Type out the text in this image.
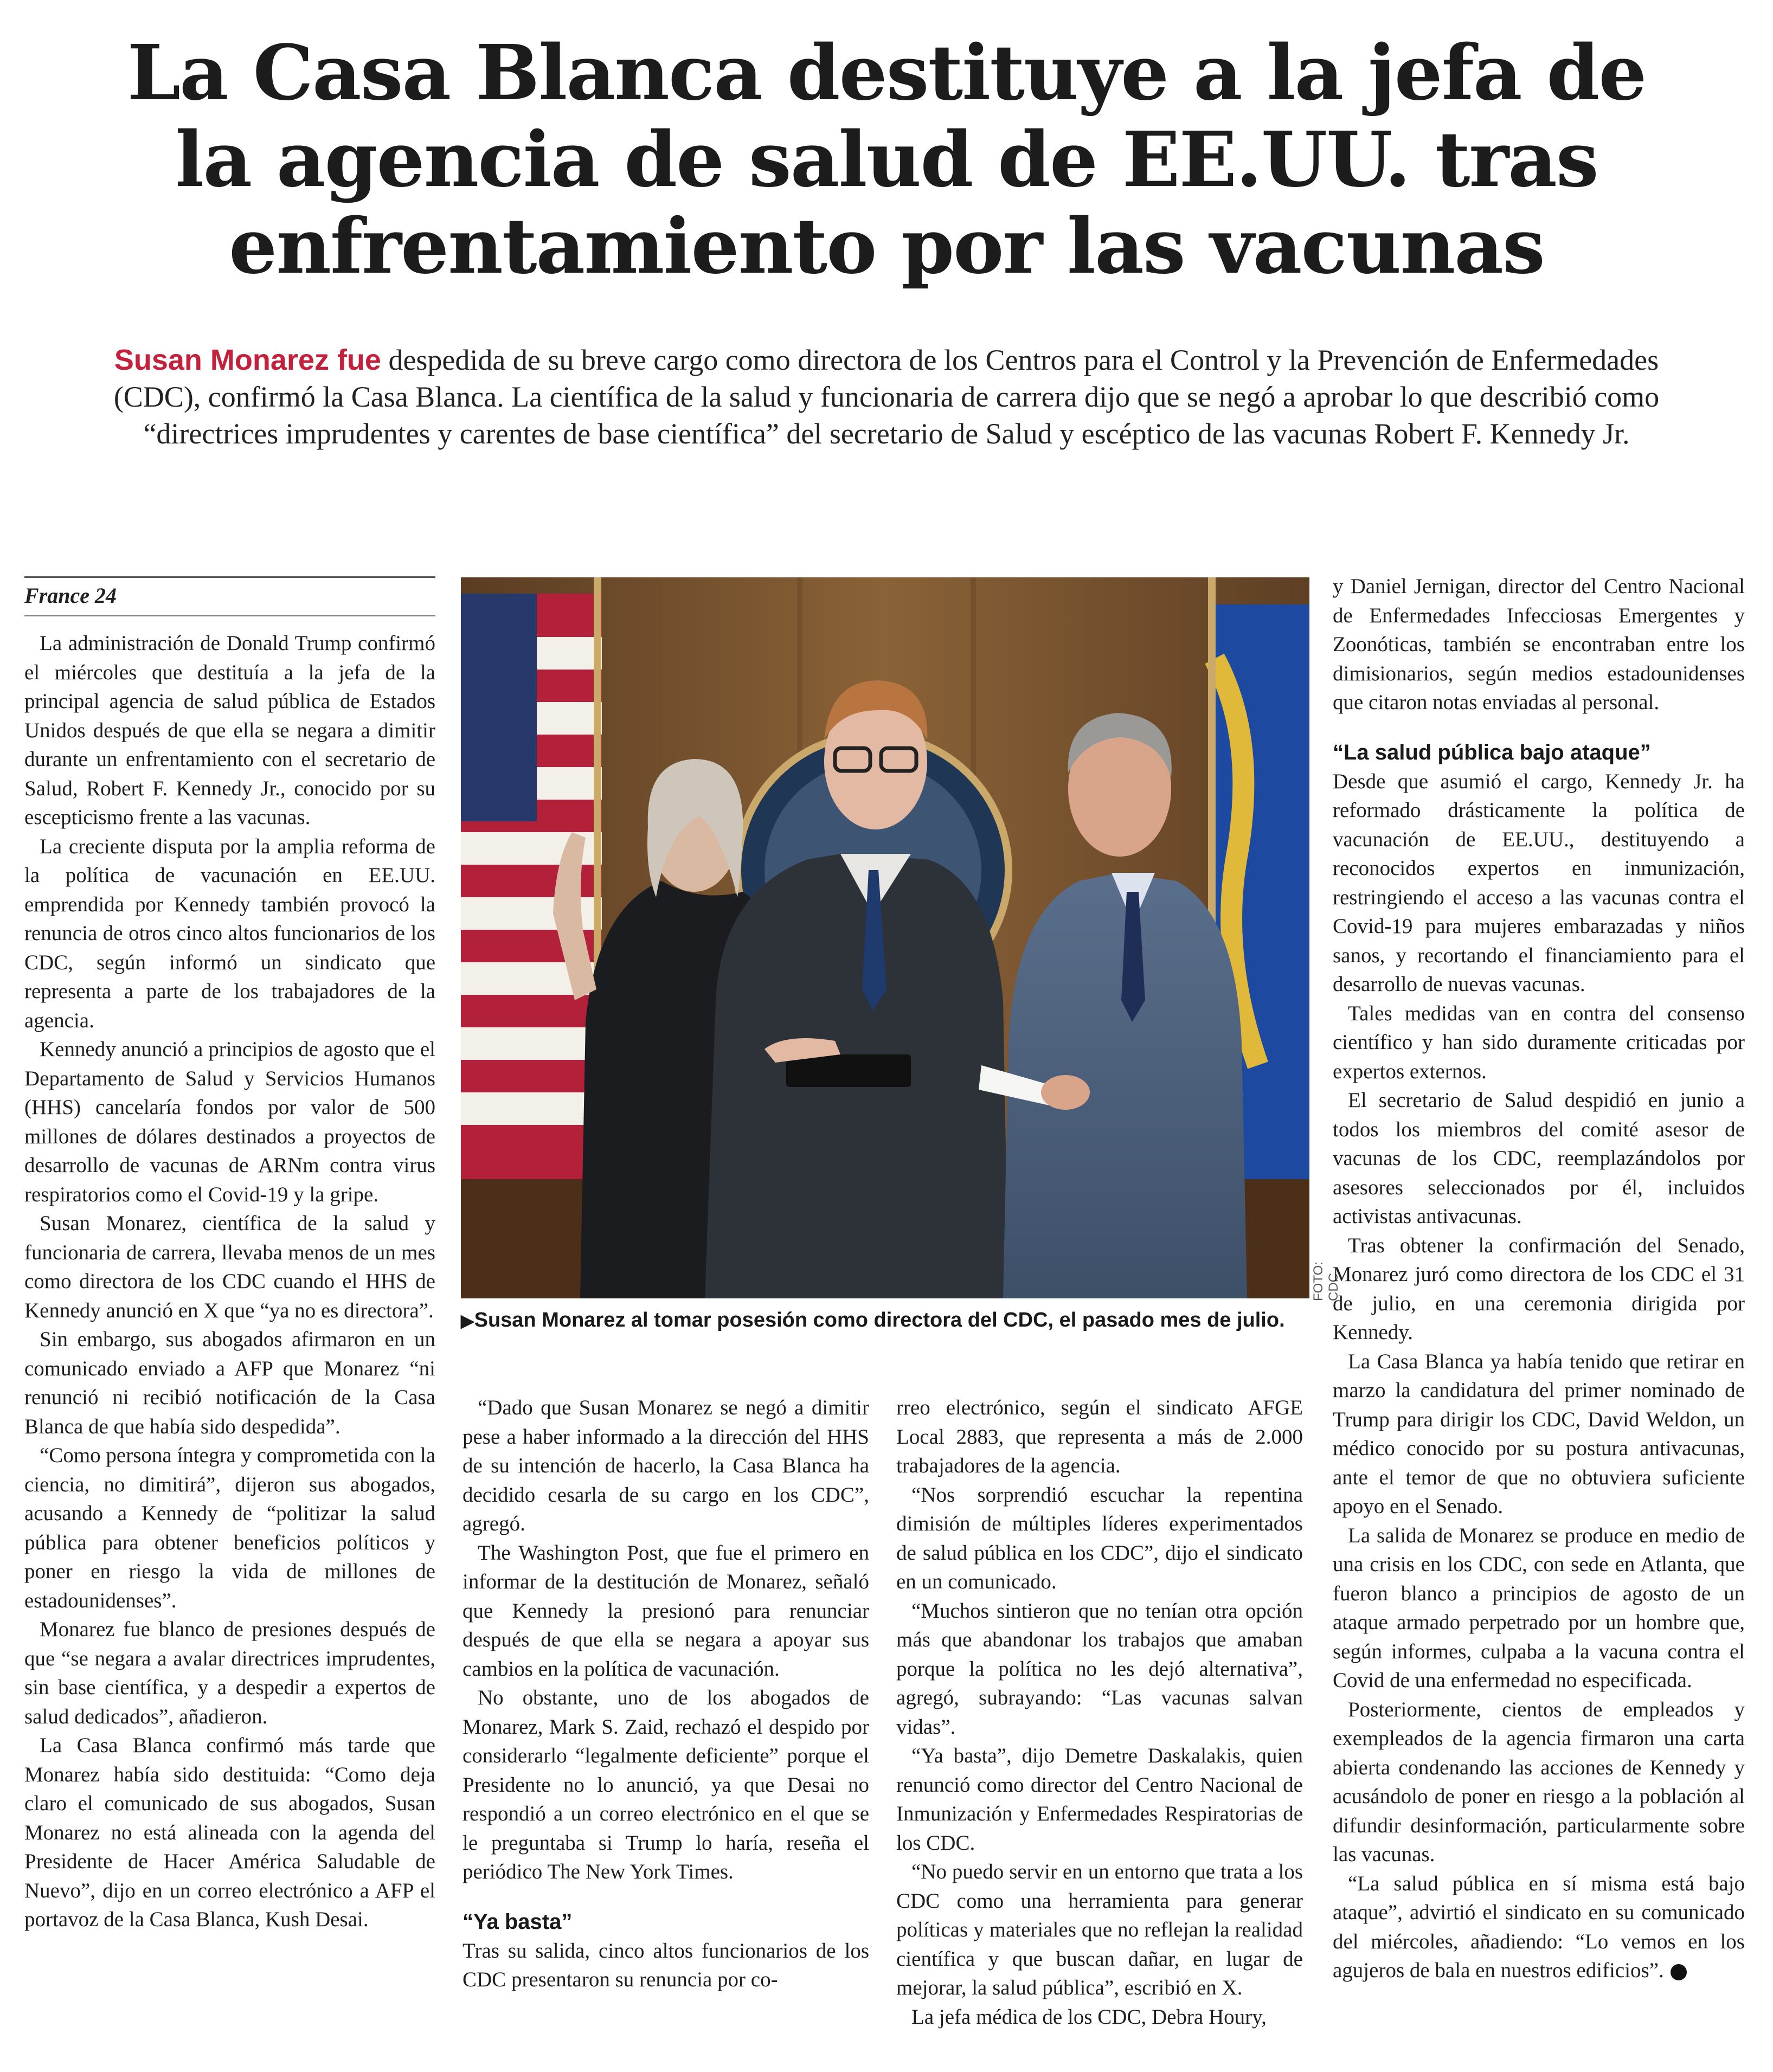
La Casa Blanca destituye a la jefa de
la agencia de salud de EE.UU. tras
enfrentamiento por las vacunas

Susan Monarez fue despedida de su breve cargo como directora de los Centros para el Control y la Prevención de Enfermedades (CDC), confirmó la Casa Blanca. La científica de la salud y funcionaria de carrera dijo que se negó a aprobar lo que describió como “directrices imprudentes y carentes de base científica” del secretario de Salud y escéptico de las vacunas Robert F. Kennedy Jr.

France 24

La administración de Donald Trump confirmó el miércoles que destituía a la jefa de la principal agencia de salud pública de Estados Unidos después de que ella se negara a dimitir durante un enfrentamiento con el secretario de Salud, Robert F. Kennedy Jr., conocido por su escepticismo frente a las vacunas.

La creciente disputa por la amplia reforma de la política de vacunación en EE.UU. emprendida por Kennedy también provocó la renuncia de otros cinco altos funcionarios de los CDC, según informó un sindicato que representa a parte de los trabajadores de la agencia.

Kennedy anunció a principios de agosto que el Departamento de Salud y Servicios Humanos (HHS) cancelaría fondos por valor de 500 millones de dólares destinados a proyectos de desarrollo de vacunas de ARNm contra virus respiratorios como el Covid-19 y la gripe.

Susan Monarez, científica de la salud y funcionaria de carrera, llevaba menos de un mes como directora de los CDC cuando el HHS de Kennedy anunció en X que “ya no es directora”.

Sin embargo, sus abogados afirmaron en un comunicado enviado a AFP que Monarez “ni renunció ni recibió notificación de la Casa Blanca de que había sido despedida”.

“Como persona íntegra y comprometida con la ciencia, no dimitirá”, dijeron sus abogados, acusando a Kennedy de “politizar la salud pública para obtener beneficios políticos y poner en riesgo la vida de millones de estadounidenses”.

Monarez fue blanco de presiones después de que “se negara a avalar directrices imprudentes, sin base científica, y a despedir a expertos de salud dedicados”, añadieron.

La Casa Blanca confirmó más tarde que Monarez había sido destituida: “Como deja claro el comunicado de sus abogados, Susan Monarez no está alineada con la agenda del Presidente de Hacer América Saludable de Nuevo”, dijo en un correo electrónico a AFP el portavoz de la Casa Blanca, Kush Desai.

FOTO: CDC
▶Susan Monarez al tomar posesión como directora del CDC, el pasado mes de julio.

“Dado que Susan Monarez se negó a dimitir pese a haber informado a la dirección del HHS de su intención de hacerlo, la Casa Blanca ha decidido cesarla de su cargo en los CDC”, agregó.

The Washington Post, que fue el primero en informar de la destitución de Monarez, señaló que Kennedy la presionó para renunciar después de que ella se negara a apoyar sus cambios en la política de vacunación.

No obstante, uno de los abogados de Monarez, Mark S. Zaid, rechazó el despido por considerarlo “legalmente deficiente” porque el Presidente no lo anunció, ya que Desai no respondió a un correo electrónico en el que se le preguntaba si Trump lo haría, reseña el periódico The New York Times.

“Ya basta”

Tras su salida, cinco altos funcionarios de los CDC presentaron su renuncia por co-

rreo electrónico, según el sindicato AFGE Local 2883, que representa a más de 2.000 trabajadores de la agencia.

“Nos sorprendió escuchar la repentina dimisión de múltiples líderes experimentados de salud pública en los CDC”, dijo el sindicato en un comunicado.

“Muchos sintieron que no tenían otra opción más que abandonar los trabajos que amaban porque la política no les dejó alternativa”, agregó, subrayando: “Las vacunas salvan vidas”.

“Ya basta”, dijo Demetre Daskalakis, quien renunció como director del Centro Nacional de Inmunización y Enfermedades Respiratorias de los CDC.

“No puedo servir en un entorno que trata a los CDC como una herramienta para generar políticas y materiales que no reflejan la realidad científica y que buscan dañar, en lugar de mejorar, la salud pública”, escribió en X.

La jefa médica de los CDC, Debra Houry,

y Daniel Jernigan, director del Centro Nacional de Enfermedades Infecciosas Emergentes y Zoonóticas, también se encontraban entre los dimisionarios, según medios estadounidenses que citaron notas enviadas al personal.

“La salud pública bajo ataque”

Desde que asumió el cargo, Kennedy Jr. ha reformado drásticamente la política de vacunación de EE.UU., destituyendo a reconocidos expertos en inmunización, restringiendo el acceso a las vacunas contra el Covid-19 para mujeres embarazadas y niños sanos, y recortando el financiamiento para el desarrollo de nuevas vacunas.

Tales medidas van en contra del consenso científico y han sido duramente criticadas por expertos externos.

El secretario de Salud despidió en junio a todos los miembros del comité asesor de vacunas de los CDC, reemplazándolos por asesores seleccionados por él, incluidos activistas antivacunas.

Tras obtener la confirmación del Senado, Monarez juró como directora de los CDC el 31 de julio, en una ceremonia dirigida por Kennedy.

La Casa Blanca ya había tenido que retirar en marzo la candidatura del primer nominado de Trump para dirigir los CDC, David Weldon, un médico conocido por su postura antivacunas, ante el temor de que no obtuviera suficiente apoyo en el Senado.

La salida de Monarez se produce en medio de una crisis en los CDC, con sede en Atlanta, que fueron blanco a principios de agosto de un ataque armado perpetrado por un hombre que, según informes, culpaba a la vacuna contra el Covid de una enfermedad no especificada.

Posteriormente, cientos de empleados y exempleados de la agencia firmaron una carta abierta condenando las acciones de Kennedy y acusándolo de poner en riesgo a la población al difundir desinformación, particularmente sobre las vacunas.

“La salud pública en sí misma está bajo ataque”, advirtió el sindicato en su comunicado del miércoles, añadiendo: “Lo vemos en los agujeros de bala en nuestros edificios”.
